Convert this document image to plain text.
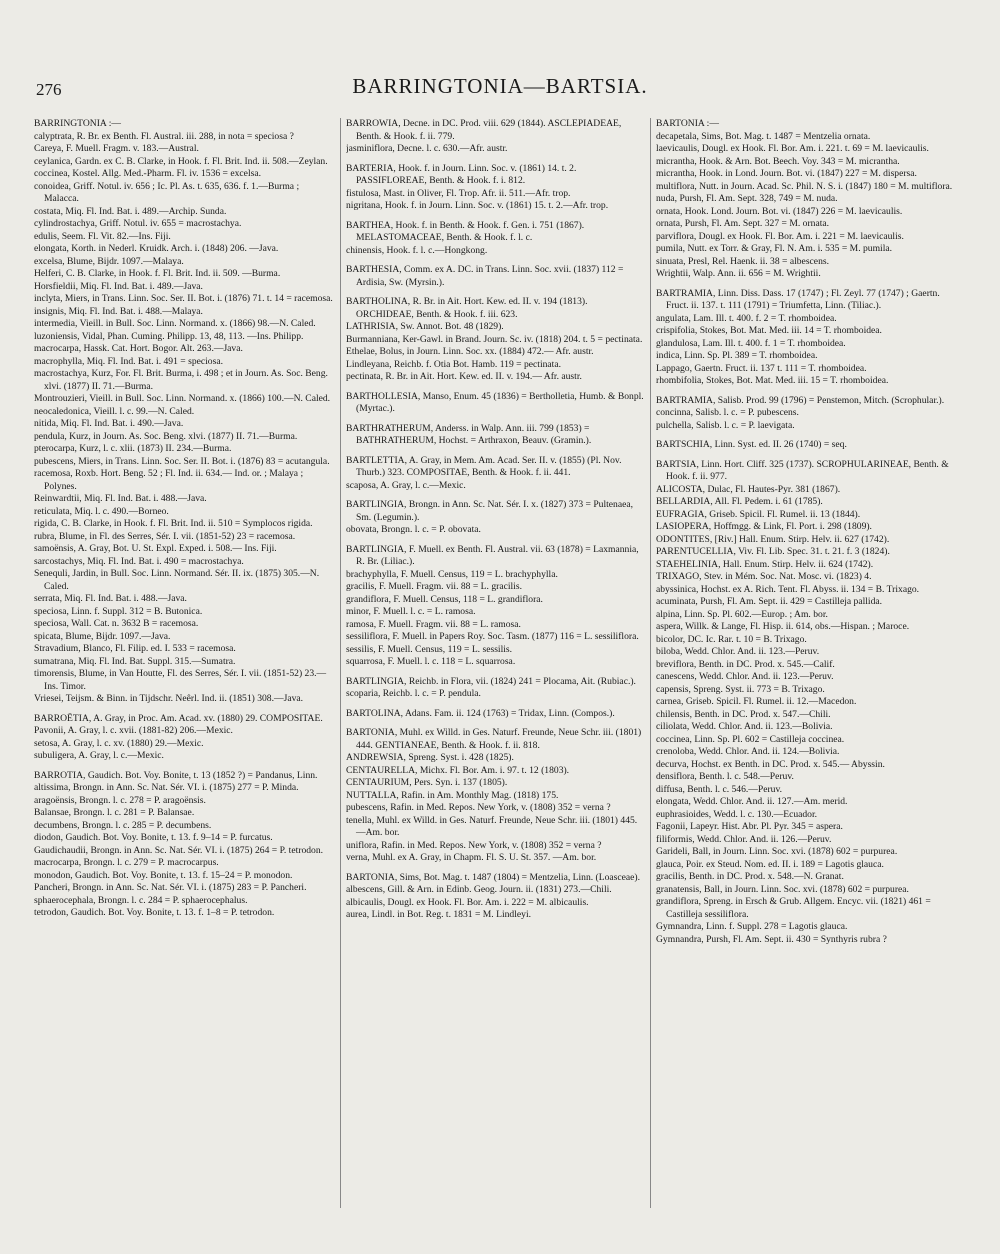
276	BARRINGTONIA—BARTSIA.
BARRINGTONIA :—
calyptrata, R. Br. ex Benth. Fl. Austral. iii. 288, in nota = speciosa ?
Careya, F. Muell. Fragm. v. 183.—Austral.
ceylanica, Gardn. ex C. B. Clarke, in Hook. f. Fl. Brit. Ind. ii. 508.—Zeylan.
coccinea, Kostel. Allg. Med.-Pharm. Fl. iv. 1536 = excelsa.
conoidea, Griff. Notul. iv. 656 ; Ic. Pl. As. t. 635, 636. f. 1.—Burma ; Malacca.
costata, Miq. Fl. Ind. Bat. i. 489.—Archip. Sunda.
cylindrostachya, Griff. Notul. iv. 655 = macrostachya.
edulis, Seem. Fl. Vit. 82.—Ins. Fiji.
elongata, Korth. in Nederl. Kruidk. Arch. i. (1848) 206. —Java.
excelsa, Blume, Bijdr. 1097.—Malaya.
Helferi, C. B. Clarke, in Hook. f. Fl. Brit. Ind. ii. 509. —Burma.
Horsfieldii, Miq. Fl. Ind. Bat. i. 489.—Java.
inclyta, Miers, in Trans. Linn. Soc. Ser. II. Bot. i. (1876) 71. t. 14 = racemosa.
insignis, Miq. Fl. Ind. Bat. i. 488.—Malaya.
intermedia, Vieill. in Bull. Soc. Linn. Normand. x. (1866) 98.—N. Caled.
luzoniensis, Vidal, Phan. Cuming. Philipp. 13, 48, 113. —Ins. Philipp.
macrocarpa, Hassk. Cat. Hort. Bogor. Alt. 263.—Java.
macrophylla, Miq. Fl. Ind. Bat. i. 491 = speciosa.
macrostachya, Kurz, For. Fl. Brit. Burma, i. 498 ; et in Journ. As. Soc. Beng. xlvi. (1877) II. 71.—Burma.
Montrouzieri, Vieill. in Bull. Soc. Linn. Normand. x. (1866) 100.—N. Caled.
neocaledonica, Vieill. l. c. 99.—N. Caled.
nitida, Miq. Fl. Ind. Bat. i. 490.—Java.
pendula, Kurz, in Journ. As. Soc. Beng. xlvi. (1877) II. 71.—Burma.
pterocarpa, Kurz, l. c. xlii. (1873) II. 234.—Burma.
pubescens, Miers, in Trans. Linn. Soc. Ser. II. Bot. i. (1876) 83 = acutangula.
racemosa, Roxb. Hort. Beng. 52 ; Fl. Ind. ii. 634.— Ind. or. ; Malaya ; Polynes.
Reinwardtii, Miq. Fl. Ind. Bat. i. 488.—Java.
reticulata, Miq. l. c. 490.—Borneo.
rigida, C. B. Clarke, in Hook. f. Fl. Brit. Ind. ii. 510 = Symplocos rigida.
rubra, Blume, in Fl. des Serres, Sér. I. vii. (1851-52) 23 = racemosa.
samoënsis, A. Gray, Bot. U. St. Expl. Exped. i. 508.— Ins. Fiji.
sarcostachys, Miq. Fl. Ind. Bat. i. 490 = macrostachya.
Senequli, Jardin, in Bull. Soc. Linn. Normand. Sér. II. ix. (1875) 305.—N. Caled.
serrata, Miq. Fl. Ind. Bat. i. 488.—Java.
speciosa, Linn. f. Suppl. 312 = B. Butonica.
speciosa, Wall. Cat. n. 3632 B = racemosa.
spicata, Blume, Bijdr. 1097.—Java.
Stravadium, Blanco, Fl. Filip. ed. I. 533 = racemosa.
sumatrana, Miq. Fl. Ind. Bat. Suppl. 315.—Sumatra.
timorensis, Blume, in Van Houtte, Fl. des Serres, Sér. I. vii. (1851-52) 23.—Ins. Timor.
Vriesei, Teijsm. & Binn. in Tijdschr. Neêrl. Ind. ii. (1851) 308.—Java.
BARROËTIA, A. Gray, in Proc. Am. Acad. xv. (1880) 29. COMPOSITAE.
Pavonii, A. Gray, l. c. xvii. (1881-82) 206.—Mexic.
setosa, A. Gray, l. c. xv. (1880) 29.—Mexic.
subuligera, A. Gray, l. c.—Mexic.
BARROTIA, Gaudich. Bot. Voy. Bonite, t. 13 (1852 ?) = Pandanus, Linn.
altissima, Brongn. in Ann. Sc. Nat. Sér. VI. i. (1875) 277 = P. Minda.
aragoënsis, Brongn. l. c. 278 = P. aragoënsis.
Balansae, Brongn. l. c. 281 = P. Balansae.
decumbens, Brongn. l. c. 285 = P. decumbens.
diodon, Gaudich. Bot. Voy. Bonite, t. 13. f. 9–14 = P. furcatus.
Gaudichaudii, Brongn. in Ann. Sc. Nat. Sér. VI. i. (1875) 264 = P. tetrodon.
macrocarpa, Brongn. l. c. 279 = P. macrocarpus.
monodon, Gaudich. Bot. Voy. Bonite, t. 13. f. 15–24 = P. monodon.
Pancheri, Brongn. in Ann. Sc. Nat. Sér. VI. i. (1875) 283 = P. Pancheri.
sphaerocephala, Brongn. l. c. 284 = P. sphaerocephalus.
tetrodon, Gaudich. Bot. Voy. Bonite, t. 13. f. 1–8 = P. tetrodon.
BARROWIA, Decne. in DC. Prod. viii. 629 (1844). ASCLEPIADEAE, Benth. & Hook. f. ii. 779.
jasminiflora, Decne. l. c. 630.—Afr. austr.
BARTERIA, Hook. f. in Journ. Linn. Soc. v. (1861) 14. t. 2. PASSIFLOREAE, Benth. & Hook. f. i. 812.
fistulosa, Mast. in Oliver, Fl. Trop. Afr. ii. 511.—Afr. trop.
nigritana, Hook. f. in Journ. Linn. Soc. v. (1861) 15. t. 2.—Afr. trop.
BARTHEA, Hook. f. in Benth. & Hook. f. Gen. i. 751 (1867). MELASTOMACEAE, Benth. & Hook. f. l. c.
chinensis, Hook. f. l. c.—Hongkong.
BARTHESIA, Comm. ex A. DC. in Trans. Linn. Soc. xvii. (1837) 112 = Ardisia, Sw. (Myrsin.).
BARTHOLINA, R. Br. in Ait. Hort. Kew. ed. II. v. 194 (1813). ORCHIDEAE, Benth. & Hook. f. iii. 623.
LATHRISIA, Sw. Annot. Bot. 48 (1829).
Burmanniana, Ker-Gawl. in Brand. Journ. Sc. iv. (1818) 204. t. 5 = pectinata.
Ethelae, Bolus, in Journ. Linn. Soc. xx. (1884) 472.— Afr. austr.
Lindleyana, Reichb. f. Otia Bot. Hamb. 119 = pectinata.
pectinata, R. Br. in Ait. Hort. Kew. ed. II. v. 194.— Afr. austr.
BARTHOLLESIA, Manso, Enum. 45 (1836) = Bertholletia, Humb. & Bonpl. (Myrtac.).
BARTHRATHERUM, Anderss. in Walp. Ann. iii. 799 (1853) = BATHRATHERUM, Hochst. = Arthraxon, Beauv. (Gramin.).
BARTLETTIA, A. Gray, in Mem. Am. Acad. Ser. II. v. (1855) (Pl. Nov. Thurb.) 323. COMPOSITAE, Benth. & Hook. f. ii. 441.
scaposa, A. Gray, l. c.—Mexic.
BARTLINGIA, Brongn. in Ann. Sc. Nat. Sér. I. x. (1827) 373 = Pultenaea, Sm. (Legumin.).
obovata, Brongn. l. c. = P. obovata.
BARTLINGIA, F. Muell. ex Benth. Fl. Austral. vii. 63 (1878) = Laxmannia, R. Br. (Liliac.).
brachyphylla, F. Muell. Census, 119 = L. brachyphylla.
gracilis, F. Muell. Fragm. vii. 88 = L. gracilis.
grandiflora, F. Muell. Census, 118 = L. grandiflora.
minor, F. Muell. l. c. = L. ramosa.
ramosa, F. Muell. Fragm. vii. 88 = L. ramosa.
sessiliflora, F. Muell. in Papers Roy. Soc. Tasm. (1877) 116 = L. sessiliflora.
sessilis, F. Muell. Census, 119 = L. sessilis.
squarrosa, F. Muell. l. c. 118 = L. squarrosa.
BARTLINGIA, Reichb. in Flora, vii. (1824) 241 = Plocama, Ait. (Rubiac.).
scoparia, Reichb. l. c. = P. pendula.
BARTOLINA, Adans. Fam. ii. 124 (1763) = Tridax, Linn. (Compos.).
BARTONIA, Muhl. ex Willd. in Ges. Naturf. Freunde, Neue Schr. iii. (1801) 444. GENTIANEAE, Benth. & Hook. f. ii. 818.
ANDREWSIA, Spreng. Syst. i. 428 (1825).
CENTAURELLA, Michx. Fl. Bor. Am. i. 97. t. 12 (1803).
CENTAURIUM, Pers. Syn. i. 137 (1805).
NUTTALLA, Rafin. in Am. Monthly Mag. (1818) 175.
pubescens, Rafin. in Med. Repos. New York, v. (1808) 352 = verna ?
tenella, Muhl. ex Willd. in Ges. Naturf. Freunde, Neue Schr. iii. (1801) 445.—Am. bor.
uniflora, Rafin. in Med. Repos. New York, v. (1808) 352 = verna ?
verna, Muhl. ex A. Gray, in Chapm. Fl. S. U. St. 357. —Am. bor.
BARTONIA, Sims, Bot. Mag. t. 1487 (1804) = Mentzelia, Linn. (Loasceae).
albescens, Gill. & Arn. in Edinb. Geog. Journ. ii. (1831) 273.—Chili.
albicaulis, Dougl. ex Hook. Fl. Bor. Am. i. 222 = M. albicaulis.
aurea, Lindl. in Bot. Reg. t. 1831 = M. Lindleyi.
BARTONIA :—
decapetala, Sims, Bot. Mag. t. 1487 = Mentzelia ornata.
laevicaulis, Dougl. ex Hook. Fl. Bor. Am. i. 221. t. 69 = M. laevicaulis.
micrantha, Hook. & Arn. Bot. Beech. Voy. 343 = M. micrantha.
micrantha, Hook. in Lond. Journ. Bot. vi. (1847) 227 = M. dispersa.
multiflora, Nutt. in Journ. Acad. Sc. Phil. N. S. i. (1847) 180 = M. multiflora.
nuda, Pursh, Fl. Am. Sept. 328, 749 = M. nuda.
ornata, Hook. Lond. Journ. Bot. vi. (1847) 226 = M. laevicaulis.
ornata, Pursh, Fl. Am. Sept. 327 = M. ornata.
parviflora, Dougl. ex Hook. Fl. Bor. Am. i. 221 = M. laevicaulis.
pumila, Nutt. ex Torr. & Gray, Fl. N. Am. i. 535 = M. pumila.
sinuata, Presl, Rel. Haenk. ii. 38 = albescens.
Wrightii, Walp. Ann. ii. 656 = M. Wrightii.
BARTRAMIA, Linn. Diss. Dass. 17 (1747) ; Fl. Zeyl. 77 (1747) ; Gaertn. Fruct. ii. 137. t. 111 (1791) = Triumfetta, Linn. (Tiliac.).
angulata, Lam. Ill. t. 400. f. 2 = T. rhomboidea.
crispifolia, Stokes, Bot. Mat. Med. iii. 14 = T. rhomboidea.
glandulosa, Lam. Ill. t. 400. f. 1 = T. rhomboidea.
indica, Linn. Sp. Pl. 389 = T. rhomboidea.
Lappago, Gaertn. Fruct. ii. 137 t. 111 = T. rhomboidea.
rhombifolia, Stokes, Bot. Mat. Med. iii. 15 = T. rhomboidea.
BARTRAMIA, Salisb. Prod. 99 (1796) = Penstemon, Mitch. (Scrophular.).
concinna, Salisb. l. c. = P. pubescens.
pulchella, Salisb. l. c. = P. laevigata.
BARTSCHIA, Linn. Syst. ed. II. 26 (1740) = seq.
BARTSIA, Linn. Hort. Cliff. 325 (1737). SCROPHULARINEAE, Benth. & Hook. f. ii. 977.
ALICOSTA, Dulac, Fl. Hautes-Pyr. 381 (1867).
BELLARDIA, All. Fl. Pedem. i. 61 (1785).
EUFRAGIA, Griseb. Spicil. Fl. Rumel. ii. 13 (1844).
LASIOPERA, Hoffmgg. & Link, Fl. Port. i. 298 (1809).
ODONTITES, [Riv.] Hall. Enum. Stirp. Helv. ii. 627 (1742).
PARENTUCELLIA, Viv. Fl. Lib. Spec. 31. t. 21. f. 3 (1824).
STAEHELINIA, Hall. Enum. Stirp. Helv. ii. 624 (1742).
TRIXAGO, Stev. in Mém. Soc. Nat. Mosc. vi. (1823) 4.
abyssinica, Hochst. ex A. Rich. Tent. Fl. Abyss. ii. 134 = B. Trixago.
acuminata, Pursh, Fl. Am. Sept. ii. 429 = Castilleja pallida.
alpina, Linn. Sp. Pl. 602.—Europ. ; Am. bor.
aspera, Willk. & Lange, Fl. Hisp. ii. 614, obs.—Hispan. ; Maroce.
bicolor, DC. Ic. Rar. t. 10 = B. Trixago.
biloba, Wedd. Chlor. And. ii. 123.—Peruv.
breviflora, Benth. in DC. Prod. x. 545.—Calif.
canescens, Wedd. Chlor. And. ii. 123.—Peruv.
capensis, Spreng. Syst. ii. 773 = B. Trixago.
carnea, Griseb. Spicil. Fl. Rumel. ii. 12.—Macedon.
chilensis, Benth. in DC. Prod. x. 547.—Chili.
ciliolata, Wedd. Chlor. And. ii. 123.—Bolivia.
coccinea, Linn. Sp. Pl. 602 = Castilleja coccinea.
crenoloba, Wedd. Chlor. And. ii. 124.—Bolivia.
decurva, Hochst. ex Benth. in DC. Prod. x. 545.— Abyssin.
densiflora, Benth. l. c. 548.—Peruv.
diffusa, Benth. l. c. 546.—Peruv.
elongata, Wedd. Chlor. And. ii. 127.—Am. merid.
euphrasioides, Wedd. l. c. 130.—Ecuador.
Fagonii, Lapeyr. Hist. Abr. Pl. Pyr. 345 = aspera.
filiformis, Wedd. Chlor. And. ii. 126.—Peruv.
Garideli, Ball, in Journ. Linn. Soc. xvi. (1878) 602 = purpurea.
glauca, Poir. ex Steud. Nom. ed. II. i. 189 = Lagotis glauca.
gracilis, Benth. in DC. Prod. x. 548.—N. Granat.
granatensis, Ball, in Journ. Linn. Soc. xvi. (1878) 602 = purpurea.
grandiflora, Spreng. in Ersch & Grub. Allgem. Encyc. vii. (1821) 461 = Castilleja sessiliflora.
Gymnandra, Linn. f. Suppl. 278 = Lagotis glauca.
Gymnandra, Pursh, Fl. Am. Sept. ii. 430 = Synthyris rubra ?
